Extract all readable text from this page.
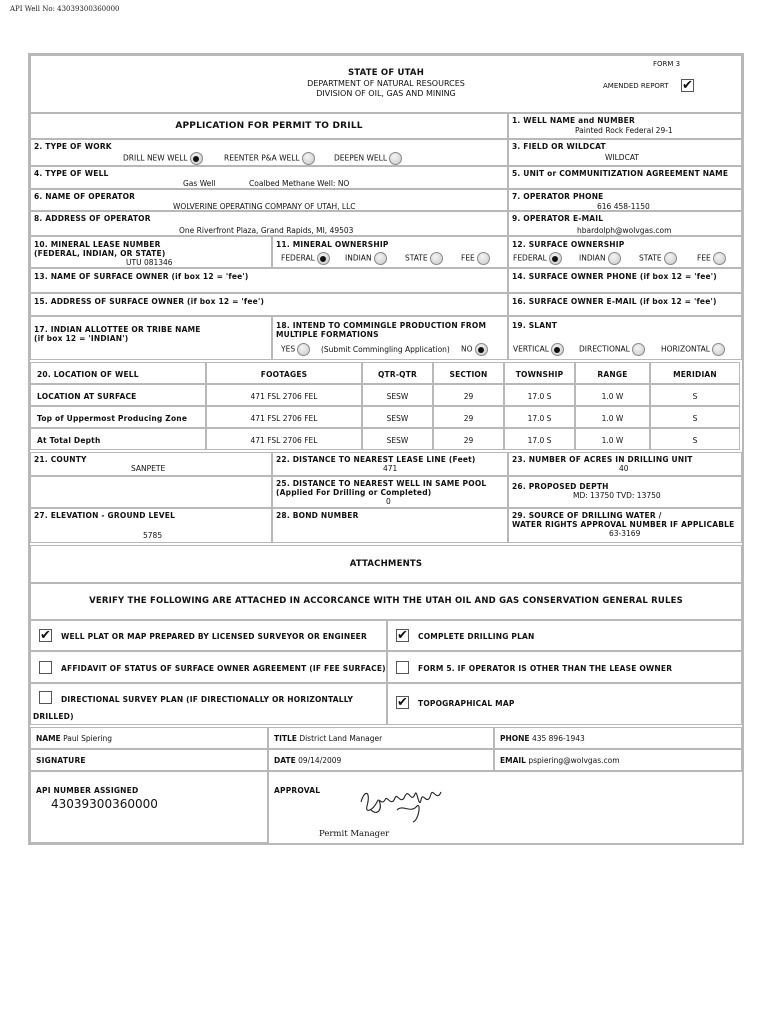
API Well No: 43039300360000
STATE OF UTAH
DEPARTMENT OF NATURAL RESOURCES
DIVISION OF OIL, GAS AND MINING
FORM 3
AMENDED REPORT ✔
APPLICATION FOR PERMIT TO DRILL
1. WELL NAME and NUMBER
Painted Rock Federal 29-1
2. TYPE OF WORK
DRILL NEW WELL	REENTER P&A WELL	DEEPEN WELL
3. FIELD OR WILDCAT
WILDCAT
4. TYPE OF WELL
Gas Well	Coalbed Methane Well: NO
5. UNIT or COMMUNITIZATION AGREEMENT NAME
6. NAME OF OPERATOR
WOLVERINE OPERATING COMPANY OF UTAH, LLC
7. OPERATOR PHONE
616 458-1150
8. ADDRESS OF OPERATOR
One Riverfront Plaza, Grand Rapids, MI, 49503
9. OPERATOR E-MAIL
hbardolph@wolvgas.com
10. MINERAL LEASE NUMBER
(FEDERAL, INDIAN, OR STATE)
UTU 081346
11. MINERAL OWNERSHIP
FEDERAL	INDIAN	STATE	FEE
12. SURFACE OWNERSHIP
FEDERAL	INDIAN	STATE	FEE
13. NAME OF SURFACE OWNER (if box 12 = 'fee')	14. SURFACE OWNER PHONE (if box 12 = 'fee')
15. ADDRESS OF SURFACE OWNER (if box 12 = 'fee')	16. SURFACE OWNER E-MAIL (if box 12 = 'fee')
17. INDIAN ALLOTTEE OR TRIBE NAME
(if box 12 = 'INDIAN')
18. INTEND TO COMMINGLE PRODUCTION FROM
MULTIPLE FORMATIONS
YES	(Submit Commingling Application) NO
19. SLANT
VERTICAL	DIRECTIONAL	HORIZONTAL
20. LOCATION OF WELL	FOOTAGES	QTR-QTR	SECTION	TOWNSHIP	RANGE	MERIDIAN
LOCATION AT SURFACE	471 FSL 2706 FEL	SESW	29	17.0 S	1.0 W	S
Top of Uppermost Producing Zone	471 FSL 2706 FEL	SESW	29	17.0 S	1.0 W	S
At Total Depth	471 FSL 2706 FEL	SESW	29	17.0 S	1.0 W	S
21. COUNTY
SANPETE
22. DISTANCE TO NEAREST LEASE LINE (Feet)
471
23. NUMBER OF ACRES IN DRILLING UNIT
40
25. DISTANCE TO NEAREST WELL IN SAME POOL
(Applied For Drilling or Completed)
0
26. PROPOSED DEPTH
MD: 13750 TVD: 13750
27. ELEVATION - GROUND LEVEL
5785
28. BOND NUMBER	29. SOURCE OF DRILLING WATER /
WATER RIGHTS APPROVAL NUMBER IF APPLICABLE
63-3169
ATTACHMENTS
VERIFY THE FOLLOWING ARE ATTACHED IN ACCORCANCE WITH THE UTAH OIL AND GAS CONSERVATION GENERAL RULES
✔ WELL PLAT OR MAP PREPARED BY LICENSED SURVEYOR OR ENGINEER ✔ COMPLETE DRILLING PLAN
AFFIDAVIT OF STATUS OF SURFACE OWNER AGREEMENT (IF FEE SURFACE)	FORM 5. IF OPERATOR IS OTHER THAN THE LEASE OWNER
DIRECTIONAL SURVEY PLAN (IF DIRECTIONALLY OR HORIZONTALLY
DRILLED)
✔ TOPOGRAPHICAL MAP
NAME Paul Spiering	TITLE District Land Manager	PHONE 435 896-1943
SIGNATURE	DATE 09/14/2009	EMAIL pspiering@wolvgas.com
API NUMBER ASSIGNED
43039300360000
APPROVAL
Permit Manager
